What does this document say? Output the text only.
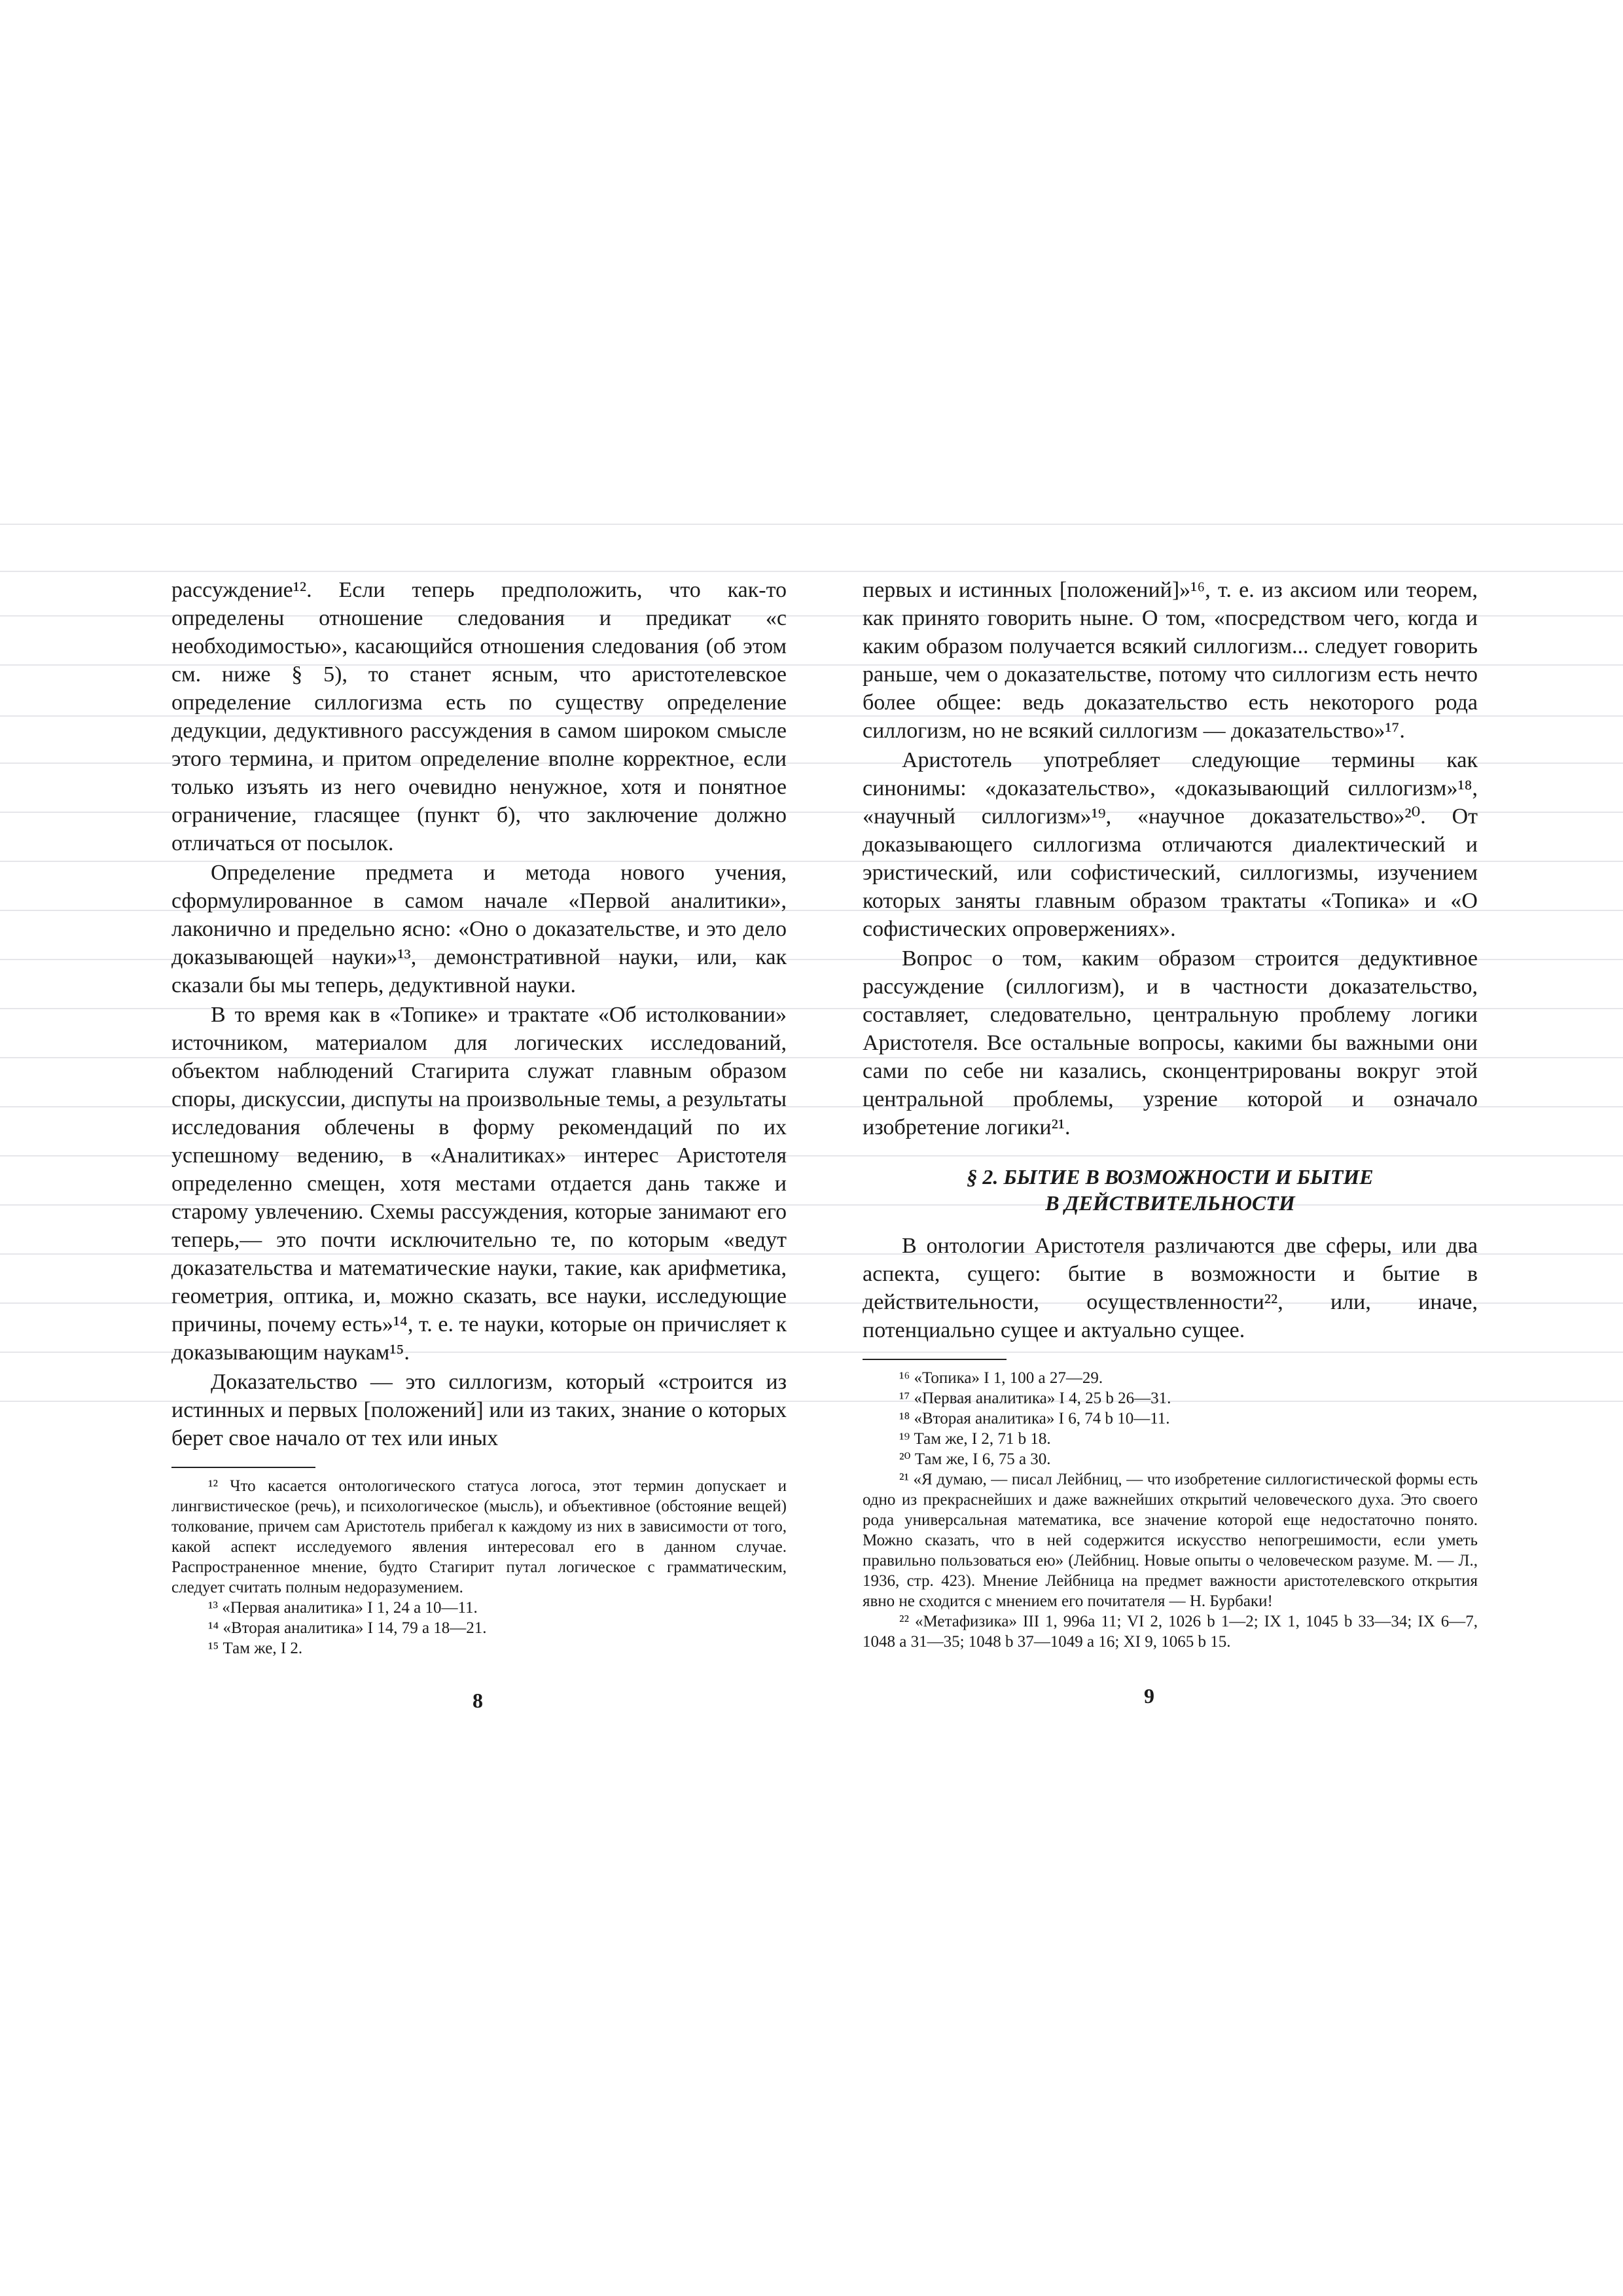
рассуждение¹². Если теперь предположить, что как-то определены отношение следования и предикат «с необходимостью», касающийся отношения следования (об этом см. ниже § 5), то станет ясным, что аристотелевское определение силлогизма есть по существу определение дедукции, дедуктивного рассуждения в самом широком смысле этого термина, и притом определение вполне корректное, если только изъять из него очевидно ненужное, хотя и понятное ограничение, гласящее (пункт б), что заключение должно отличаться от посылок.

Определение предмета и метода нового учения, сформулированное в самом начале «Первой аналитики», лаконично и предельно ясно: «Оно о доказательстве, и это дело доказывающей науки»¹³, демонстративной науки, или, как сказали бы мы теперь, дедуктивной науки.

В то время как в «Топике» и трактате «Об истолковании» источником, материалом для логических исследований, объектом наблюдений Стагирита служат главным образом споры, дискуссии, диспуты на произвольные темы, а результаты исследования облечены в форму рекомендаций по их успешному ведению, в «Аналитиках» интерес Аристотеля определенно смещен, хотя местами отдается дань также и старому увлечению. Схемы рассуждения, которые занимают его теперь,— это почти исключительно те, по которым «ведут доказательства и математические науки, такие, как арифметика, геометрия, оптика, и, можно сказать, все науки, исследующие причины, почему есть»¹⁴, т. е. те науки, которые он причисляет к доказывающим наукам¹⁵.

Доказательство — это силлогизм, который «строится из истинных и первых [положений] или из таких, знание о которых берет свое начало от тех или иных

¹² Что касается онтологического статуса логоса, этот термин допускает и лингвистическое (речь), и психологическое (мысль), и объективное (обстояние вещей) толкование, причем сам Аристотель прибегал к каждому из них в зависимости от того, какой аспект исследуемого явления интересовал его в данном случае. Распространенное мнение, будто Стагирит путал логическое с грамматическим, следует считать полным недоразумением.

¹³ «Первая аналитика» I 1, 24 a 10—11.

¹⁴ «Вторая аналитика» I 14, 79 a 18—21.

¹⁵ Там же, I 2.

8

первых и истинных [положений]»¹⁶, т. е. из аксиом или теорем, как принято говорить ныне. О том, «посредством чего, когда и каким образом получается всякий силлогизм... следует говорить раньше, чем о доказательстве, потому что силлогизм есть нечто более общее: ведь доказательство есть некоторого рода силлогизм, но не всякий силлогизм — доказательство»¹⁷.

Аристотель употребляет следующие термины как синонимы: «доказательство», «доказывающий силлогизм»¹⁸, «научный силлогизм»¹⁹, «научное доказательство»²⁰. От доказывающего силлогизма отличаются диалектический и эристический, или софистический, силлогизмы, изучением которых заняты главным образом трактаты «Топика» и «О софистических опровержениях».

Вопрос о том, каким образом строится дедуктивное рассуждение (силлогизм), и в частности доказательство, составляет, следовательно, центральную проблему логики Аристотеля. Все остальные вопросы, какими бы важными они сами по себе ни казались, сконцентрированы вокруг этой центральной проблемы, узрение которой и означало изобретение логики²¹.

§ 2. БЫТИЕ В ВОЗМОЖНОСТИ И БЫТИЕ
В ДЕЙСТВИТЕЛЬНОСТИ

В онтологии Аристотеля различаются две сферы, или два аспекта, сущего: бытие в возможности и бытие в действительности, осуществленности²², или, иначе, потенциально сущее и актуально сущее.

¹⁶ «Топика» I 1, 100 a 27—29.

¹⁷ «Первая аналитика» I 4, 25 b 26—31.

¹⁸ «Вторая аналитика» I 6, 74 b 10—11.

¹⁹ Там же, I 2, 71 b 18.

²⁰ Там же, I 6, 75 a 30.

²¹ «Я думаю, — писал Лейбниц, — что изобретение силлогистической формы есть одно из прекраснейших и даже важнейших открытий человеческого духа. Это своего рода универсальная математика, все значение которой еще недостаточно понято. Можно сказать, что в ней содержится искусство непогрешимости, если уметь правильно пользоваться ею» (Лейбниц. Новые опыты о человеческом разуме. М. — Л., 1936, стр. 423). Мнение Лейбница на предмет важности аристотелевского открытия явно не сходится с мнением его почитателя — Н. Бурбаки!

²² «Метафизика» III 1, 996a 11; VI 2, 1026 b 1—2; IX 1, 1045 b 33—34; IX 6—7, 1048 a 31—35; 1048 b 37—1049 a 16; XI 9, 1065 b 15.

9
